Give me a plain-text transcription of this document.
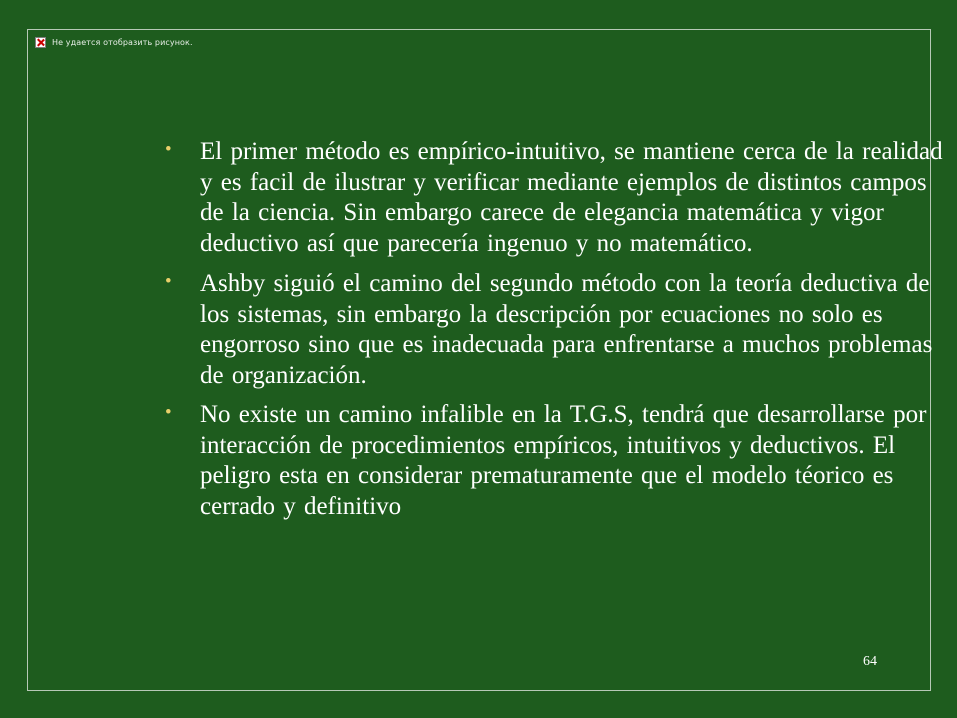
Не удается отобразить рисунок.
• El primer método es empírico-intuitivo, se mantiene cerca de la realidad y es facil de ilustrar y verificar mediante ejemplos de distintos campos de la ciencia. Sin embargo carece de elegancia matemática y vigor deductivo así que parecería ingenuo y no matemático.
• Ashby siguió el camino del segundo método con la teoría deductiva de los sistemas, sin embargo la descripción por ecuaciones no solo es engorroso sino que es inadecuada para enfrentarse a muchos problemas de organización.
• No existe un camino infalible en la T.G.S, tendrá que desarrollarse por interacción de procedimientos empíricos, intuitivos y deductivos. El peligro esta en considerar prematuramente que el modelo téorico es cerrado y definitivo
64
